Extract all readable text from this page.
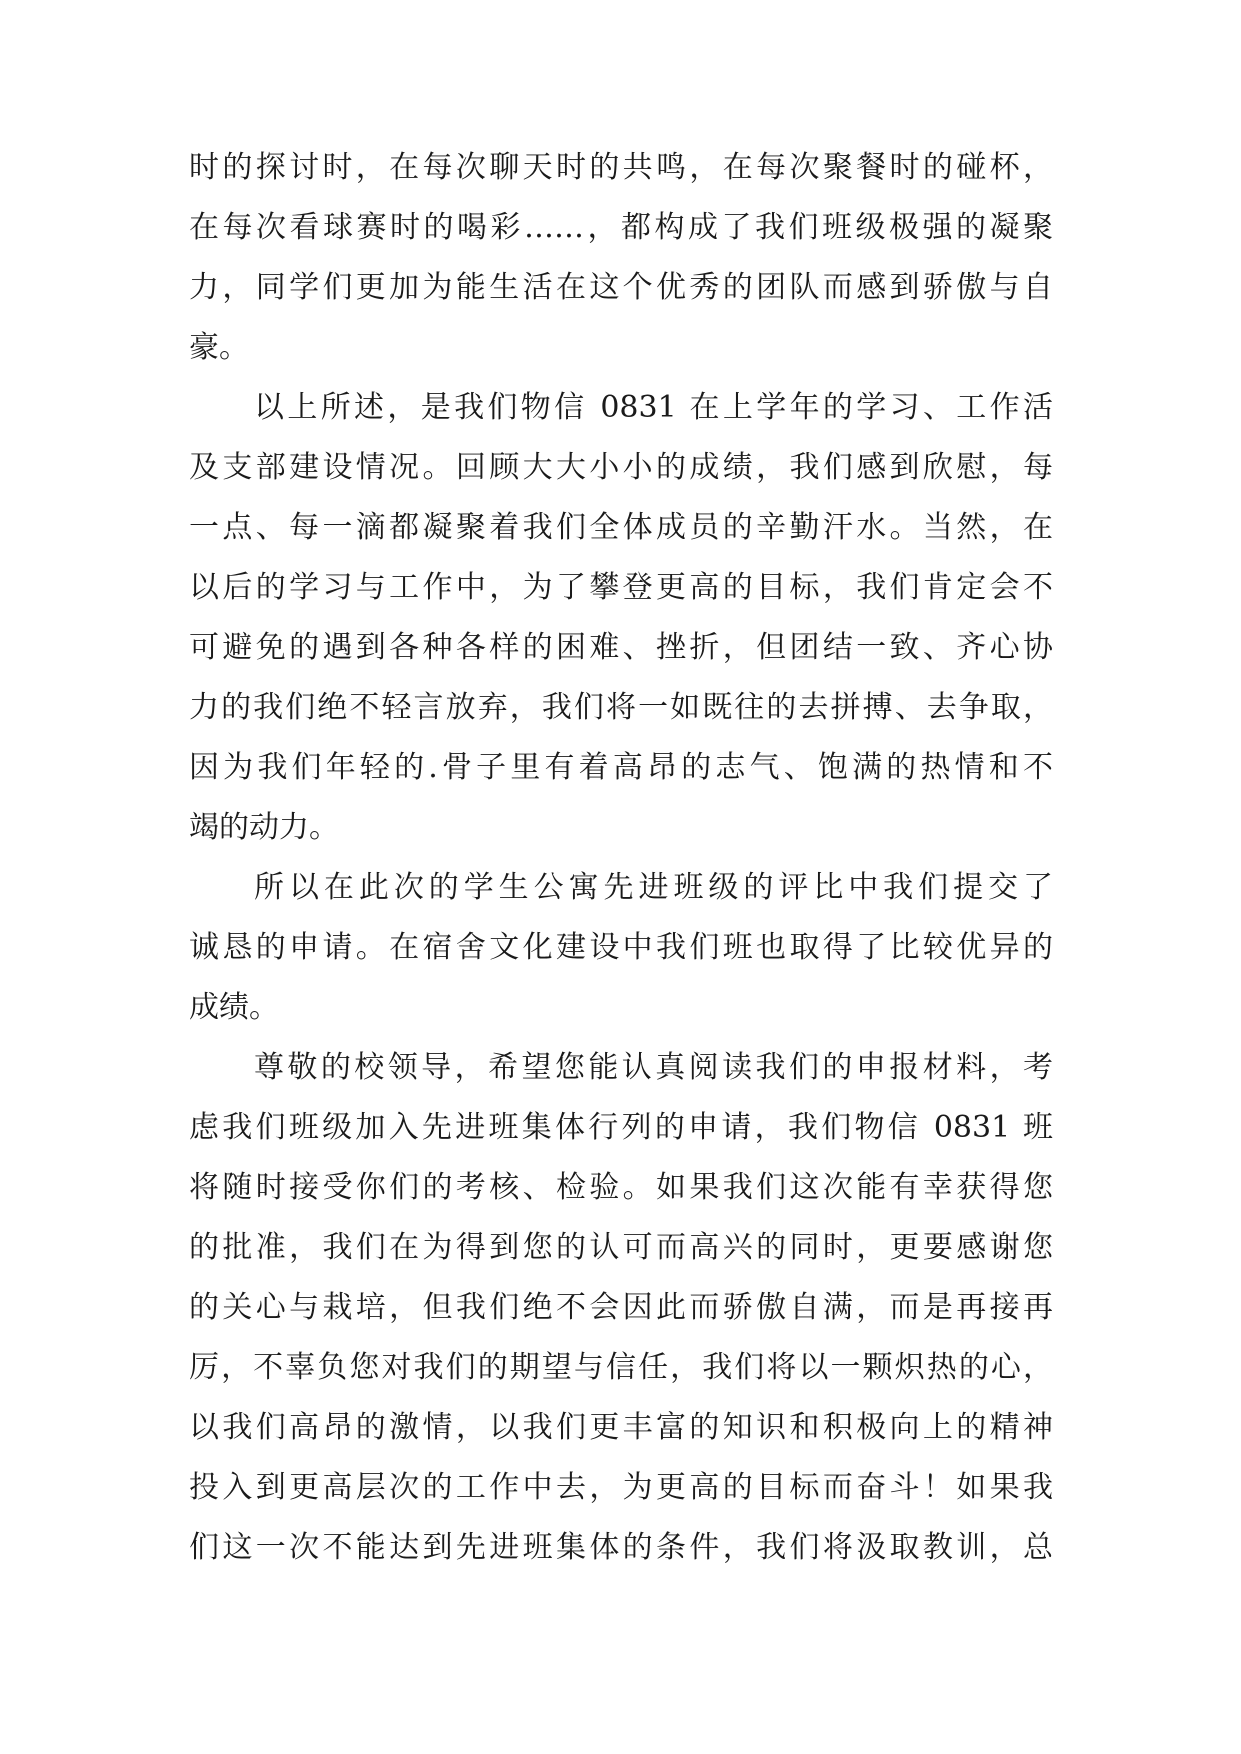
时的探讨时，在每次聊天时的共鸣，在每次聚餐时的碰杯，
在每次看球赛时的喝彩……，都构成了我们班级极强的凝聚
力，同学们更加为能生活在这个优秀的团队而感到骄傲与自
豪。
以上所述，是我们物信 0831 在上学年的学习、工作活
及支部建设情况。回顾大大小小的成绩，我们感到欣慰，每
一点、每一滴都凝聚着我们全体成员的辛勤汗水。当然，在
以后的学习与工作中，为了攀登更高的目标，我们肯定会不
可避免的遇到各种各样的困难、挫折，但团结一致、齐心协
力的我们绝不轻言放弃，我们将一如既往的去拼搏、去争取，
因为我们年轻的.骨子里有着高昂的志气、饱满的热情和不
竭的动力。
所以在此次的学生公寓先进班级的评比中我们提交了
诚恳的申请。在宿舍文化建设中我们班也取得了比较优异的
成绩。
尊敬的校领导，希望您能认真阅读我们的申报材料，考
虑我们班级加入先进班集体行列的申请，我们物信 0831 班
将随时接受你们的考核、检验。如果我们这次能有幸获得您
的批准，我们在为得到您的认可而高兴的同时，更要感谢您
的关心与栽培，但我们绝不会因此而骄傲自满，而是再接再
厉，不辜负您对我们的期望与信任，我们将以一颗炽热的心，
以我们高昂的激情，以我们更丰富的知识和积极向上的精神
投入到更高层次的工作中去，为更高的目标而奋斗！如果我
们这一次不能达到先进班集体的条件，我们将汲取教训，总
